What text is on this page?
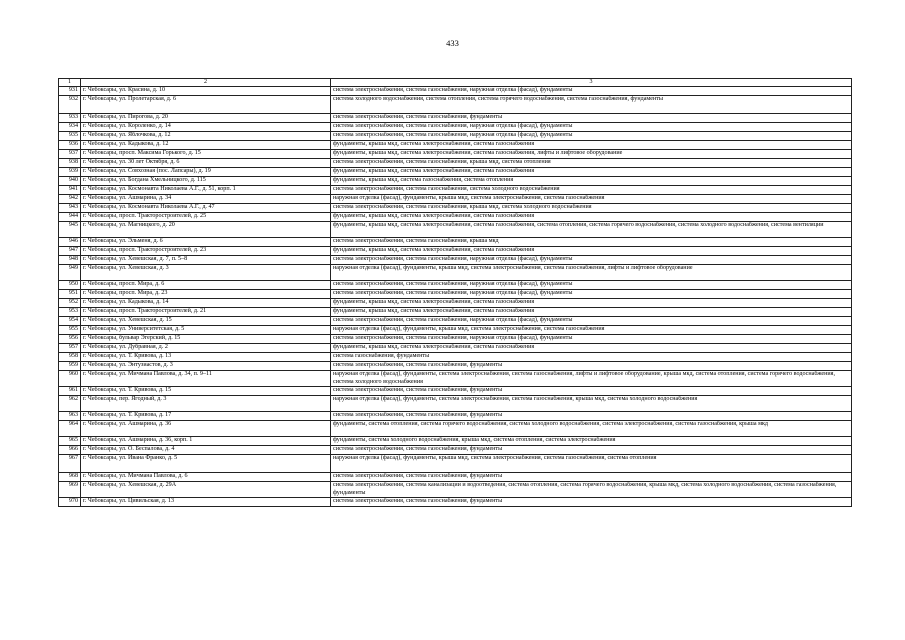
433
1	2	3
931	г. Чебоксары, ул. Красина, д. 10	система электроснабжения, система газоснабжения, наружная отделка (фасад), фундаменты
932	г. Чебоксары, ул. Пролетарская, д. 6	система холодного водоснабжения, система отопления, система горячего водоснабжения, система газоснабжения, фундаменты
933	г. Чебоксары, ул. Пирогова, д. 20	система электроснабжения, система газоснабжения, фундаменты
934	г. Чебоксары, ул. Короленко, д. 14	система электроснабжения, система газоснабжения, наружная отделка (фасад), фундаменты
935	г. Чебоксары, ул. Яблочкова, д. 12	система электроснабжения, система газоснабжения, наружная отделка (фасад), фундаменты
936	г. Чебоксары, ул. Кадыкова, д. 12	фундаменты, крыша мкд, система электроснабжения, система газоснабжения
937	г. Чебоксары, просп. Максима Горького, д. 15	фундаменты, крыша мкд, система электроснабжения, система газоснабжения, лифты и лифтовое оборудование
938	г. Чебоксары, ул. 30 лет Октября, д. 6	система электроснабжения, система газоснабжения, крыша мкд, система отопления
939	г. Чебоксары, ул. Совхозная (пос. Лапсары), д. 19	фундаменты, крыша мкд, система электроснабжения, система газоснабжения
940	г. Чебоксары, ул. Богдана Хмельницкого, д. 115	фундаменты, крыша мкд, система газоснабжения, система отопления
941	г. Чебоксары, ул. Космонавта Николаева А.Г., д. 51, корп. 1	система электроснабжения, система газоснабжения, система холодного водоснабжения
942	г. Чебоксары, ул. Ашмарина, д. 34	наружная отделка (фасад), фундаменты, крыша мкд, система электроснабжения, система газоснабжения
943	г. Чебоксары, ул. Космонавта Николаева А.Г., д. 47	система электроснабжения, система газоснабжения, крыша мкд, система холодного водоснабжения
944	г. Чебоксары, просп. Тракторостроителей, д. 25	фундаменты, крыша мкд, система электроснабжения, система газоснабжения
945	г. Чебоксары, ул. Магницкого, д. 20	фундаменты, крыша мкд, система электроснабжения, система газоснабжения, система отопления, система горячего водоснабжения, система холодного водоснабжения, система вентиляции
946	г. Чебоксары, ул. Эльменя, д. 6	система электроснабжения, система газоснабжения, крыша мкд
947	г. Чебоксары, просп. Тракторостроителей, д. 23	фундаменты, крыша мкд, система электроснабжения, система газоснабжения
948	г. Чебоксары, ул. Хевешская, д. 7, п. 5–8	система электроснабжения, система газоснабжения, наружная отделка (фасад), фундаменты
949	г. Чебоксары, ул. Хевешская, д. 3	наружная отделка (фасад), фундаменты, крыша мкд, система электроснабжения, система газоснабжения, лифты и лифтовое оборудование
950	г. Чебоксары, просп. Мира, д. 6	система электроснабжения, система газоснабжения, наружная отделка (фасад), фундаменты
951	г. Чебоксары, просп. Мира, д. 23	система электроснабжения, система газоснабжения, наружная отделка (фасад), фундаменты
952	г. Чебоксары, ул. Кадыкова, д. 14	фундаменты, крыша мкд, система электроснабжения, система газоснабжения
953	г. Чебоксары, просп. Тракторостроителей, д. 21	фундаменты, крыша мкд, система электроснабжения, система газоснабжения
954	г. Чебоксары, ул. Хевешская, д. 15	система электроснабжения, система газоснабжения, наружная отделка (фасад), фундаменты
955	г. Чебоксары, ул. Университетская, д. 5	наружная отделка (фасад), фундаменты, крыша мкд, система электроснабжения, система газоснабжения
956	г. Чебоксары, бульвар Эгерский, д. 15	система электроснабжения, система газоснабжения, наружная отделка (фасад), фундаменты
957	г. Чебоксары, ул. Дубравная, д. 2	фундаменты, крыша мкд, система электроснабжения, система газоснабжения
958	г. Чебоксары, ул. Т. Кривова, д. 13	система газоснабжения, фундаменты
959	г. Чебоксары, ул. Энтузиастов, д. 3	система электроснабжения, система газоснабжения, фундаменты
960	г. Чебоксары, ул. Мичмана Павлова, д. 34, п. 9–11	наружная отделка (фасад), фундаменты, система электроснабжения, система газоснабжения, лифты и лифтовое оборудование, крыша мкд, система отопления, система горячего водоснабжения, система холодного водоснабжения
961	г. Чебоксары, ул. Т. Кривова, д. 15	система электроснабжения, система газоснабжения, фундаменты
962	г. Чебоксары, пер. Ягодный, д. 3	наружная отделка (фасад), фундаменты, система электроснабжения, система газоснабжения, крыша мкд, система холодного водоснабжения
963	г. Чебоксары, ул. Т. Кривова, д. 17	система электроснабжения, система газоснабжения, фундаменты
964	г. Чебоксары, ул. Ашмарина, д. 36	фундаменты, система отопления, система горячего водоснабжения, система холодного водоснабжения, система электроснабжения, система газоснабжения, крыша мкд
965	г. Чебоксары, ул. Ашмарина, д. 36, корп. 1	фундаменты, система холодного водоснабжения, крыша мкд, система отопления, система электроснабжения
966	г. Чебоксары, ул. О. Беспалова, д. 4	система электроснабжения, система газоснабжения, фундаменты
967	г. Чебоксары, ул. Ивана Франко, д. 5	наружная отделка (фасад), фундаменты, крыша мкд, система электроснабжения, система газоснабжения, система отопления
968	г. Чебоксары, ул. Мичмана Павлова, д. 6	система электроснабжения, система газоснабжения, фундаменты
969	г. Чебоксары, ул. Хевешская, д. 29А	система электроснабжения, система канализации и водоотведения, система отопления, система горячего водоснабжения, крыша мкд, система холодного водоснабжения, система газоснабжения, фундаменты
970	г. Чебоксары, ул. Цивильская, д. 13	система электроснабжения, система газоснабжения, фундаменты
